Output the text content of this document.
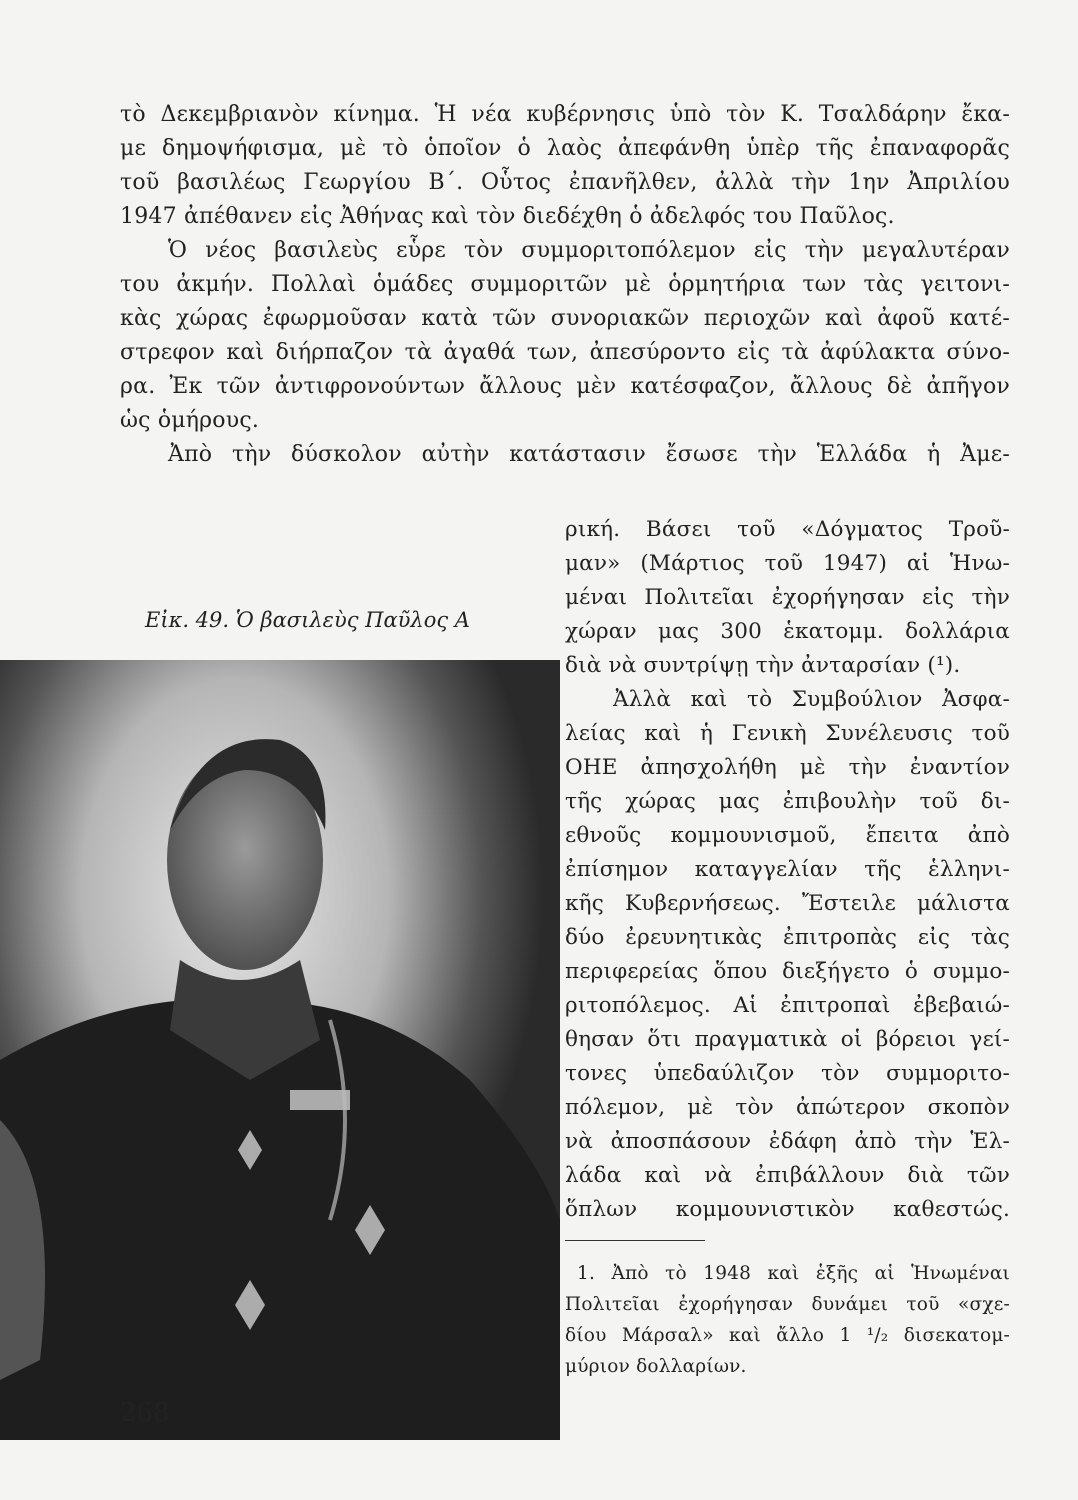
τὸ Δεκεμβριανὸν κίνημα. Ἡ νέα κυβέρνησις ὑπὸ τὸν Κ. Τσαλδάρην ἔκα-
με δημοψήφισμα, μὲ τὸ ὁποῖον ὁ λαὸς ἀπεφάνθη ὑπὲρ τῆς ἐπαναφορᾶς
τοῦ βασιλέως Γεωργίου Β΄. Οὗτος ἐπανῆλθεν, ἀλλὰ τὴν 1ην Ἀπριλίου
1947 ἀπέθανεν εἰς Ἀθήνας καὶ τὸν διεδέχθη ὁ ἀδελφός του Παῦλος.
Ὁ νέος βασιλεὺς εὗρε τὸν συμμοριτοπόλεμον εἰς τὴν μεγαλυτέραν
του ἀκμήν. Πολλαὶ ὁμάδες συμμοριτῶν μὲ ὁρμητήρια των τὰς γειτονι-
κὰς χώρας ἐφωρμοῦσαν κατὰ τῶν συνοριακῶν περιοχῶν καὶ ἀφοῦ κατέ-
στρεφον καὶ διήρπαζον τὰ ἀγαθά των, ἀπεσύροντο εἰς τὰ ἀφύλακτα σύνο-
ρα. Ἐκ τῶν ἀντιφρονούντων ἄλλους μὲν κατέσφαζον, ἄλλους δὲ ἀπῆγον
ὡς ὁμήρους.
Ἀπὸ τὴν δύσκολον αὐτὴν κατάστασιν ἔσωσε τὴν Ἑλλάδα ἡ Ἀμε-
Εἰκ. 49. Ὁ βασιλεὺς Παῦλος Α
ρική. Βάσει τοῦ «Δόγματος Τροῦ-
μαν» (Μάρτιος τοῦ 1947) αἱ Ἡνω-
μέναι Πολιτεῖαι ἐχορήγησαν εἰς τὴν
χώραν μας 300 ἑκατομμ. δολλάρια
διὰ νὰ συντρίψῃ τὴν ἀνταρσίαν (¹).
Ἀλλὰ καὶ τὸ Συμβούλιον Ἀσφα-
λείας καὶ ἡ Γενικὴ Συνέλευσις τοῦ
ΟΗΕ ἀπησχολήθη μὲ τὴν ἐναντίον
τῆς χώρας μας ἐπιβουλὴν τοῦ δι-
εθνοῦς κομμουνισμοῦ, ἔπειτα ἀπὸ
ἐπίσημον καταγγελίαν τῆς ἑλληνι-
κῆς Κυβερνήσεως. Ἔστειλε μάλιστα
δύο ἐρευνητικὰς ἐπιτροπὰς εἰς τὰς
περιφερείας ὅπου διεξήγετο ὁ συμμο-
ριτοπόλεμος. Αἱ ἐπιτροπαὶ ἐβεβαιώ-
θησαν ὅτι πραγματικὰ οἱ βόρειοι γεί-
τονες ὑπεδαύλιζον τὸν συμμοριτο-
πόλεμον, μὲ τὸν ἀπώτερον σκοπὸν
νὰ ἀποσπάσουν ἐδάφη ἀπὸ τὴν Ἑλ-
λάδα καὶ νὰ ἐπιβάλλουν διὰ τῶν
ὅπλων κομμουνιστικὸν καθεστώς.
1. Ἀπὸ τὸ 1948 καὶ ἑξῆς αἱ Ἡνωμέναι
Πολιτεῖαι ἐχορήγησαν δυνάμει τοῦ «σχε-
δίου Μάρσαλ» καὶ ἄλλο 1 ¹/₂ δισεκατομ-
μύριον δολλαρίων.
268
